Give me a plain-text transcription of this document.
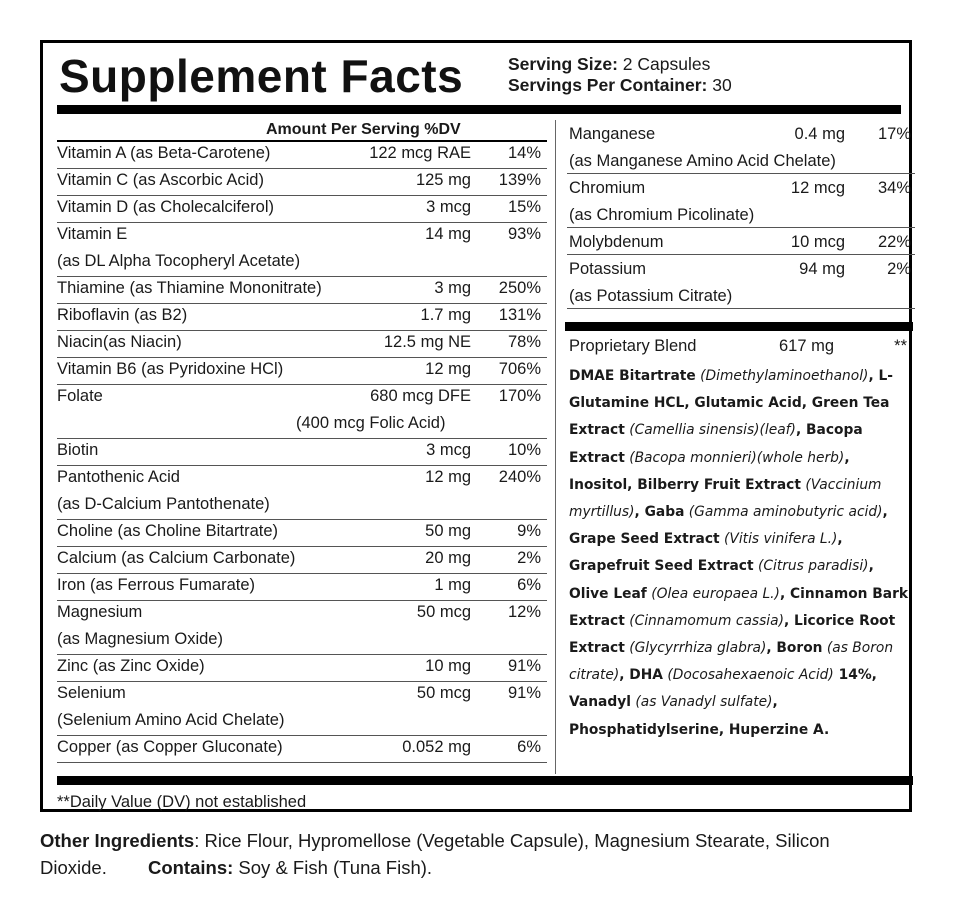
Supplement Facts	Serving Size: 2 Capsules
Servings Per Container: 30
Amount Per Serving %DV
Vitamin A (as Beta-Carotene)	122 mcg RAE 14%
Vitamin C (as Ascorbic Acid)	125 mg 139%
Vitamin D (as Cholecalciferol)	3 mcg 15%
Vitamin E	14 mg 93%
(as DL Alpha Tocopheryl Acetate)
Thiamine (as Thiamine Mononitrate)	3 mg 250%
Riboflavin (as B2)	1.7 mg 131%
Niacin(as Niacin)	12.5 mg NE 78%
Vitamin B6 (as Pyridoxine HCl)	12 mg 706%
Folate	680 mcg DFE 170%
(400 mcg Folic Acid)
Biotin	3 mcg 10%
Pantothenic Acid	12 mg 240%
(as D-Calcium Pantothenate)
Choline (as Choline Bitartrate)	50 mg	9%
Calcium (as Calcium Carbonate)	20 mg	2%
Iron (as Ferrous Fumarate)	1 mg	6%
Magnesium	50 mcg 12%
(as Magnesium Oxide)
Zinc (as Zinc Oxide)	10 mg 91%
Selenium	50 mcg 91%
(Selenium Amino Acid Chelate)
Copper (as Copper Gluconate)	0.052 mg	6%
Manganese	0.4 mg 17%
(as Manganese Amino Acid Chelate)
Chromium	12 mcg 34%
(as Chromium Picolinate)
Molybdenum	10 mcg 22%
Potassium	94 mg	2%
(as Potassium Citrate)
Proprietary Blend	617 mg	**
DMAE Bitartrate (Dimethylaminoethanol), L-Glutamine HCL, Glutamic Acid, Green Tea Extract (Camellia sinensis)(leaf), Bacopa Extract (Bacopa monnieri)(whole herb), Inositol, Bilberry Fruit Extract (Vaccinium myrtillus), Gaba (Gamma aminobutyric acid), Grape Seed Extract (Vitis vinifera L.), Grapefruit Seed Extract (Citrus paradisi), Olive Leaf (Olea europaea L.), Cinnamon Bark Extract (Cinnamomum cassia), Licorice Root Extract (Glycyrrhiza glabra), Boron (as Boron citrate), DHA (Docosahexaenoic Acid) 14%, Vanadyl (as Vanadyl sulfate), Phosphatidylserine, Huperzine A.
**Daily Value (DV) not established
Other Ingredients: Rice Flour, Hypromellose (Vegetable Capsule), Magnesium Stearate, Silicon Dioxide. Contains: Soy & Fish (Tuna Fish).
